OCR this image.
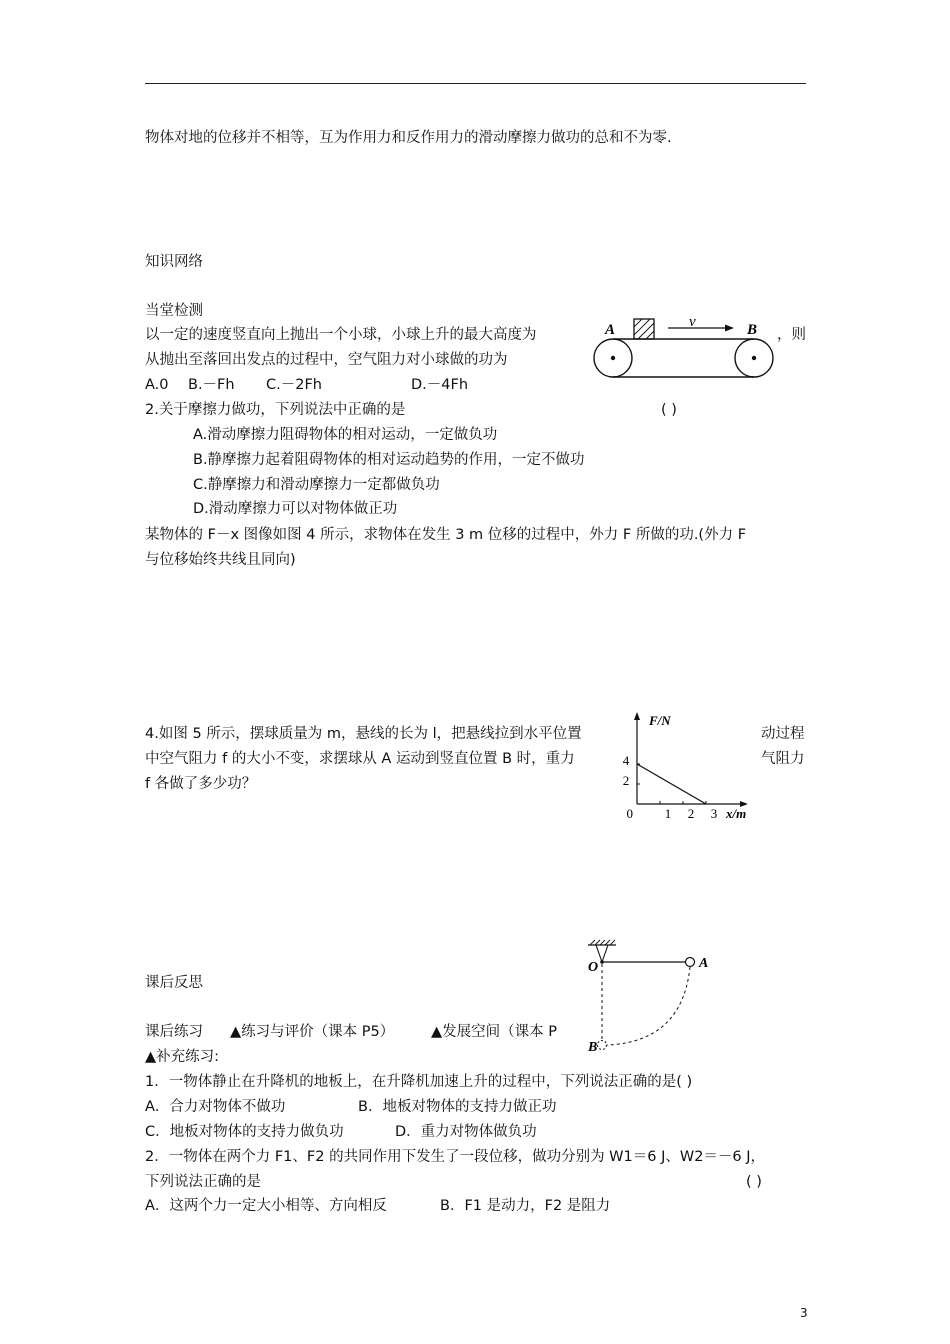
物体对地的位移并不相等，互为作用力和反作用力的滑动摩擦力做功的总和不为零.
知识网络
当堂检测
以一定的速度竖直向上抛出一个小球，小球上升的最大高度为	，则
从抛出至落回出发点的过程中，空气阻力对小球做的功为
A.0 B.－Fh C.－2Fh	D.－4Fh
A	B
v
2.关于摩擦力做功，下列说法中正确的是	( )
A.滑动摩擦力阻碍物体的相对运动，一定做负功
B.静摩擦力起着阻碍物体的相对运动趋势的作用，一定不做功
C.静摩擦力和滑动摩擦力一定都做负功
D.滑动摩擦力可以对物体做正功
某物体的 F－x 图像如图 4 所示，求物体在发生 3 m 位移的过程中，外力 F 所做的功.(外力 F
与位移始终共线且同向)
4.如图 5 所示，摆球质量为 m，悬线的长为 l，把悬线拉到水平位置	动过程
中空气阻力 f 的大小不变，求摆球从 A 运动到竖直位置 B 时，重力	气阻力
f 各做了多少功？
F/N
x/m
0
4
2
1 2 3
O	A
B
课后反思
课后练习 ▲练习与评价（课本 P5）	▲发展空间（课本 P
▲补充练习:
1．一物体静止在升降机的地板上，在升降机加速上升的过程中，下列说法正确的是( )
A．合力对物体不做功	B．地板对物体的支持力做正功
C．地板对物体的支持力做负功	D．重力对物体做负功
2．一物体在两个力 F1、F2 的共同作用下发生了一段位移，做功分别为 W1＝6 J、W2＝－6 J，
下列说法正确的是	( )
A．这两个力一定大小相等、方向相反	B．F1 是动力，F2 是阻力
3
